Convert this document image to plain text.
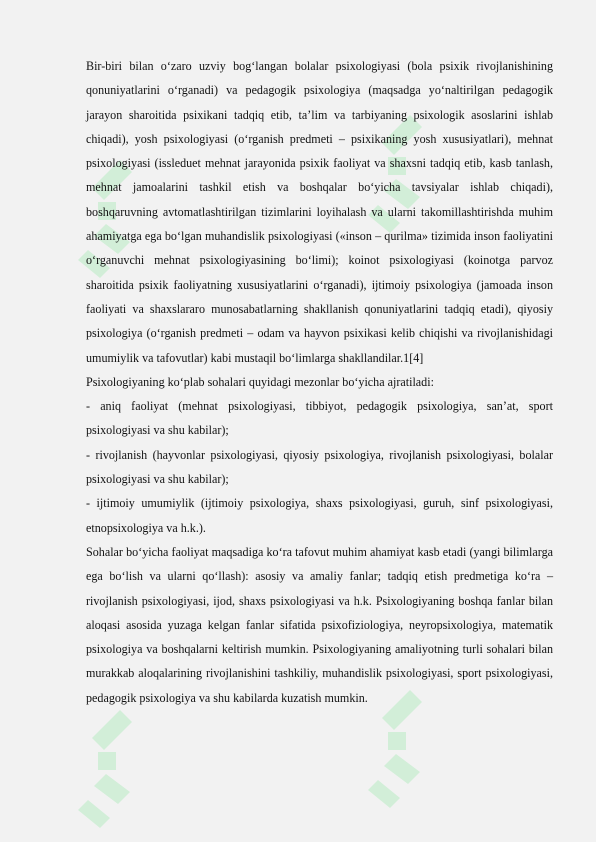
Bir-biri bilan o‘zaro uzviy bog‘langan bolalar psixologiyasi (bola psixik rivojlanishining qonuniyatlarini o‘rganadi) va pedagogik psixologiya (maqsadga yo‘naltirilgan pedagogik jarayon sharoitida psixikani tadqiq etib, ta’lim va tarbiyaning psixologik asoslarini ishlab chiqadi), yosh psixologiyasi (o‘rganish predmeti – psixikaning yosh xususiyatlari), mehnat psixologiyasi (issleduet mehnat jarayonida psixik faoliyat va shaxsni tadqiq etib, kasb tanlash, mehnat jamoalarini tashkil etish va boshqalar bo‘yicha tavsiyalar ishlab chiqadi), boshqaruvning avtomatlashtirilgan tizimlarini loyihalash va ularni takomillashtirishda muhim ahamiyatga ega bo‘lgan muhandislik psixologiyasi («inson – qurilma» tizimida inson faoliyatini o‘rganuvchi mehnat psixologiyasining bo‘limi); koinot psixologiyasi (koinotga parvoz sharoitida psixik faoliyatning xususiyatlarini o‘rganadi), ijtimoiy psixologiya (jamoada inson faoliyati va shaxslararo munosabatlarning shakllanish qonuniyatlarini tadqiq etadi), qiyosiy psixologiya (o‘rganish predmeti – odam va hayvon psixikasi kelib chiqishi va rivojlanishidagi umumiylik va tafovutlar) kabi mustaqil bo‘limlarga shakllandilar.1[4]

Psixologiyaning ko‘plab sohalari quyidagi mezonlar bo‘yicha ajratiladi:

- aniq faoliyat (mehnat psixologiyasi, tibbiyot, pedagogik psixologiya, san’at, sport psixologiyasi va shu kabilar);

- rivojlanish (hayvonlar psixologiyasi, qiyosiy psixologiya, rivojlanish psixologiyasi, bolalar psixologiyasi va shu kabilar);

- ijtimoiy umumiylik (ijtimoiy psixologiya, shaxs psixologiyasi, guruh, sinf psixologiyasi, etnopsixologiya va h.k.).

Sohalar bo‘yicha faoliyat maqsadiga ko‘ra tafovut muhim ahamiyat kasb etadi (yangi bilimlarga ega bo‘lish va ularni qo‘llash): asosiy va amaliy fanlar; tadqiq etish predmetiga ko‘ra – rivojlanish psixologiyasi, ijod, shaxs psixologiyasi va h.k. Psixologiyaning boshqa fanlar bilan aloqasi asosida yuzaga kelgan fanlar sifatida psixofiziologiya, neyropsixologiya, matematik psixologiya va boshqalarni keltirish mumkin. Psixologiyaning amaliyotning turli sohalari bilan murakkab aloqalarining rivojlanishini tashkiliy, muhandislik psixologiyasi, sport psixologiyasi, pedagogik psixologiya va shu kabilarda kuzatish mumkin.
